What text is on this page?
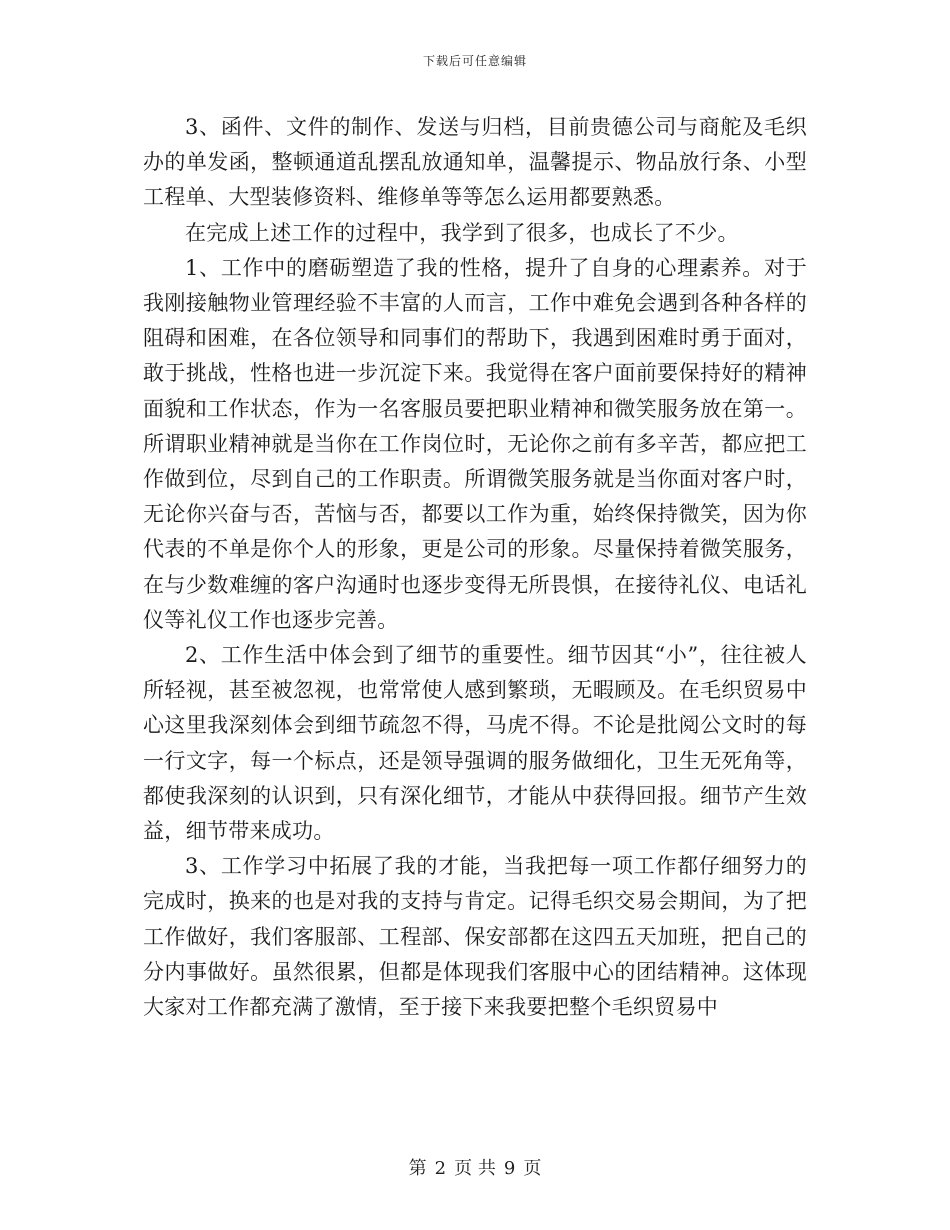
下载后可任意编辑

3、函件、文件的制作、发送与归档，目前贵德公司与商舵及毛织办的单发函，整顿通道乱摆乱放通知单，温馨提示、物品放行条、小型工程单、大型装修资料、维修单等等怎么运用都要熟悉。

在完成上述工作的过程中，我学到了很多，也成长了不少。

1、工作中的磨砺塑造了我的性格，提升了自身的心理素养。对于我刚接触物业管理经验不丰富的人而言，工作中难免会遇到各种各样的阻碍和困难，在各位领导和同事们的帮助下，我遇到困难时勇于面对，敢于挑战，性格也进一步沉淀下来。我觉得在客户面前要保持好的精神面貌和工作状态，作为一名客服员要把职业精神和微笑服务放在第一。所谓职业精神就是当你在工作岗位时，无论你之前有多辛苦，都应把工作做到位，尽到自己的工作职责。所谓微笑服务就是当你面对客户时，无论你兴奋与否，苦恼与否，都要以工作为重，始终保持微笑，因为你代表的不单是你个人的形象，更是公司的形象。尽量保持着微笑服务，在与少数难缠的客户沟通时也逐步变得无所畏惧，在接待礼仪、电话礼仪等礼仪工作也逐步完善。

2、工作生活中体会到了细节的重要性。细节因其“小”，往往被人所轻视，甚至被忽视，也常常使人感到繁琐，无暇顾及。在毛织贸易中心这里我深刻体会到细节疏忽不得，马虎不得。不论是批阅公文时的每一行文字，每一个标点，还是领导强调的服务做细化，卫生无死角等，都使我深刻的认识到，只有深化细节，才能从中获得回报。细节产生效益，细节带来成功。

3、工作学习中拓展了我的才能，当我把每一项工作都仔细努力的完成时，换来的也是对我的支持与肯定。记得毛织交易会期间，为了把工作做好，我们客服部、工程部、保安部都在这四五天加班，把自己的分内事做好。虽然很累，但都是体现我们客服中心的团结精神。这体现大家对工作都充满了激情，至于接下来我要把整个毛织贸易中

第 2 页 共 9 页
